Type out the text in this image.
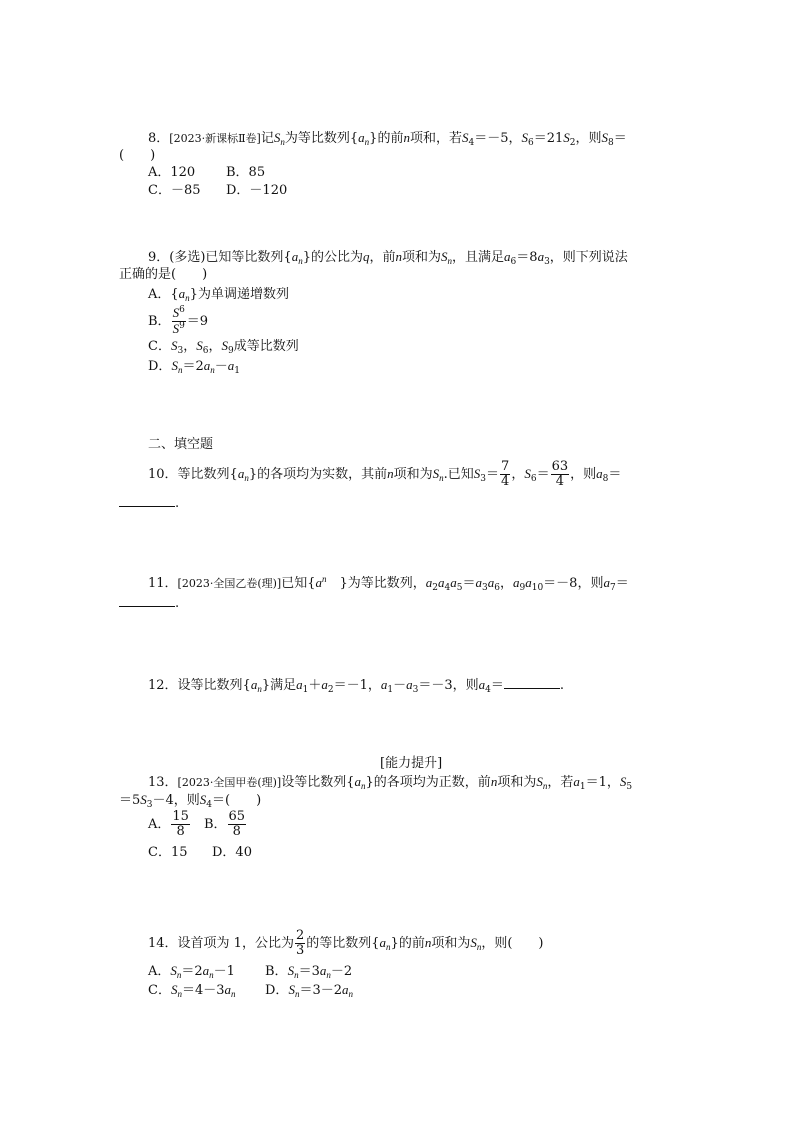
8．[2023·新课标Ⅱ卷]记$S_n$为等比数列$\{a_n\}$的前n项和，若$S_4=-5$，$S_6=21S_2$，则$S_8=$
(　　)
A．120 B．85
C．－85 D．－120
9．(多选)已知等比数列$\{a_n\}$的公比为q，前n项和为$S_n$，且满足$a_6=8a_3$，则下列说法
正确的是(　　)
A．$\{a_n\}$为单调递增数列
B． $\frac{S^6}{S^9} =9$
C．$S_3$，$S_6$，$S_9$成等比数列
D．$S_n=2a_n-a_1$
二、填空题
10．等比数列$\{a_n\}$的各项均为实数，其前n项和为$S_n$.已知$S_3= \frac{7}{4}$ ，$S_6= \frac{63}{4}$ ，则$a_8=$
.
11．[2023·全国乙卷(理)]已知{$a^n$  }为等比数列，$a_2a_4a_5=a_3a_6$，$a_9a_{10}=-8$，则$a_7=$
.
12．设等比数列$\{a_n\}$满足$a_1+a_2=-1$，$a_1-a_3=-3$，则$a_4=$	.
[能力提升]
13．[2023·全国甲卷(理)]设等比数列$\{a_n\}$的各项均为正数，前n项和为$S_n$，若$a_1=1$，$S_5$
$=5S_3-4$，则$S_4=$(　　)
A． $\frac{15}{8}$
  B． $\frac{65}{8}$
C．15 D．40
14．设首项为 1，公比为 $\frac{2}{3}$ 的等比数列$\{a_n\}$的前n项和为$S_n$，则(　　)
A．$S_n=2a_n-1$ B．$S_n=3a_n-2$
C．$S_n=4-3a_n$ D．$S_n=3-2a_n$
